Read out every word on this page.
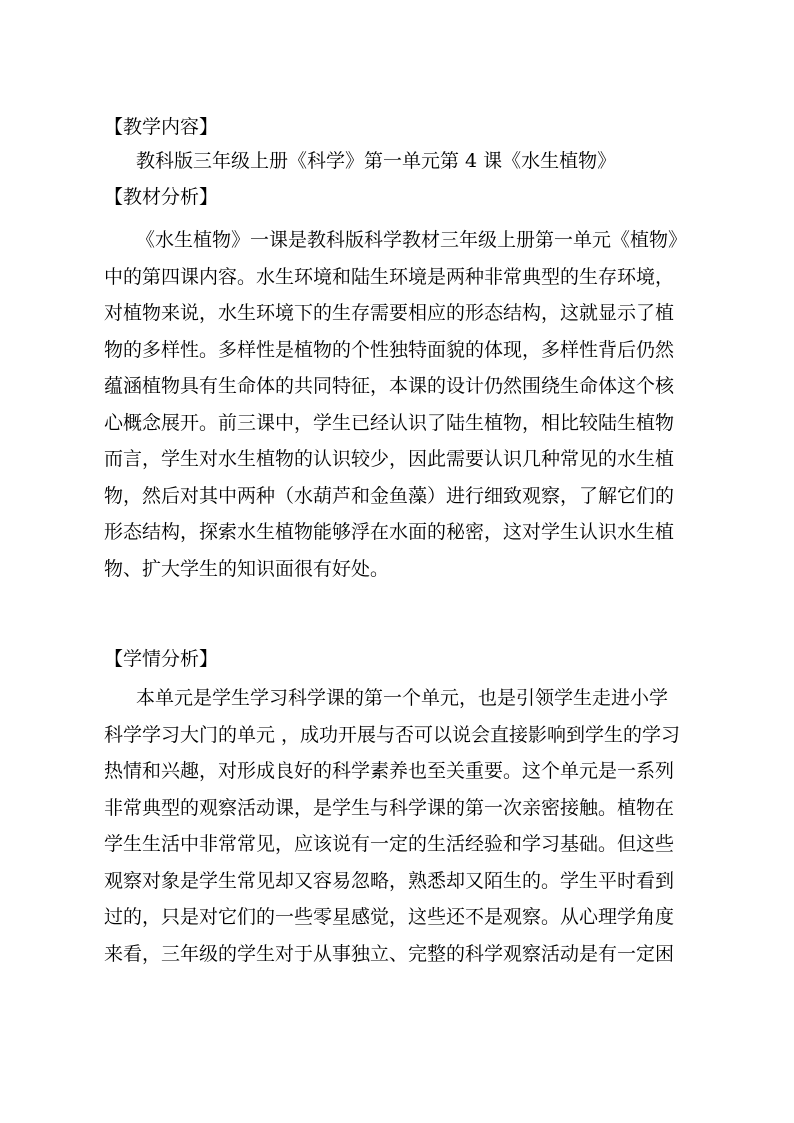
【教学内容】
教科版三年级上册《科学》第一单元第 4 课《水生植物》
【教材分析】
《水生植物》一课是教科版科学教材三年级上册第一单元《植物》
中的第四课内容。水生环境和陆生环境是两种非常典型的生存环境，
对植物来说，水生环境下的生存需要相应的形态结构，这就显示了植
物的多样性。多样性是植物的个性独特面貌的体现，多样性背后仍然
蕴涵植物具有生命体的共同特征，本课的设计仍然围绕生命体这个核
心概念展开。前三课中，学生已经认识了陆生植物，相比较陆生植物
而言，学生对水生植物的认识较少，因此需要认识几种常见的水生植
物，然后对其中两种（水葫芦和金鱼藻）进行细致观察，了解它们的
形态结构，探索水生植物能够浮在水面的秘密，这对学生认识水生植
物、扩大学生的知识面很有好处。
【学情分析】
本单元是学生学习科学课的第一个单元，也是引领学生走进小学
科学学习大门的单元 ，成功开展与否可以说会直接影响到学生的学习
热情和兴趣，对形成良好的科学素养也至关重要。这个单元是一系列
非常典型的观察活动课，是学生与科学课的第一次亲密接触。植物在
学生生活中非常常见，应该说有一定的生活经验和学习基础。但这些
观察对象是学生常见却又容易忽略，熟悉却又陌生的。学生平时看到
过的，只是对它们的一些零星感觉，这些还不是观察。从心理学角度
来看，三年级的学生对于从事独立、完整的科学观察活动是有一定困
